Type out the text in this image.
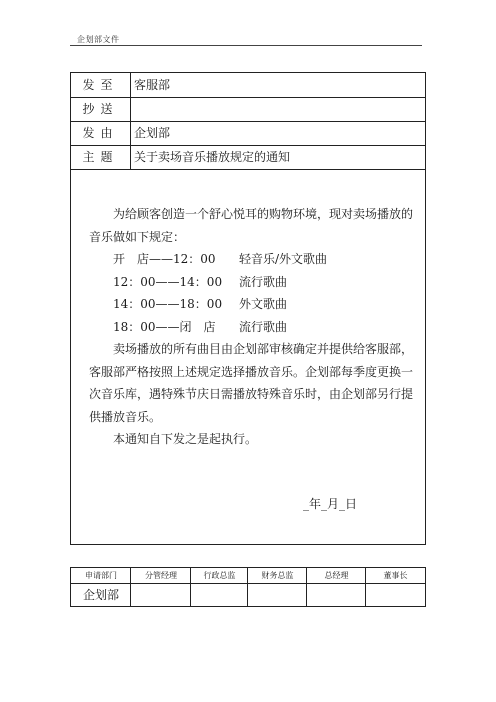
企划部文件
发至	客服部
抄送
发由	企划部
主题	关于卖场音乐播放规定的通知

为给顾客创造一个舒心悦耳的购物环境，现对卖场播放的音乐做如下规定：

开　店——12：00 轻音乐/外文歌曲

12：00——14：00 流行歌曲

14：00——18：00 外文歌曲

18：00——闭　店 流行歌曲

卖场播放的所有曲目由企划部审核确定并提供给客服部，客服部严格按照上述规定选择播放音乐。企划部每季度更换一次音乐库，遇特殊节庆日需播放特殊音乐时，由企划部另行提供播放音乐。

本通知自下发之是起执行。

_年_月_日
申请部门	分管经理	行政总监	财务总监	总经理	董事长
企划部
